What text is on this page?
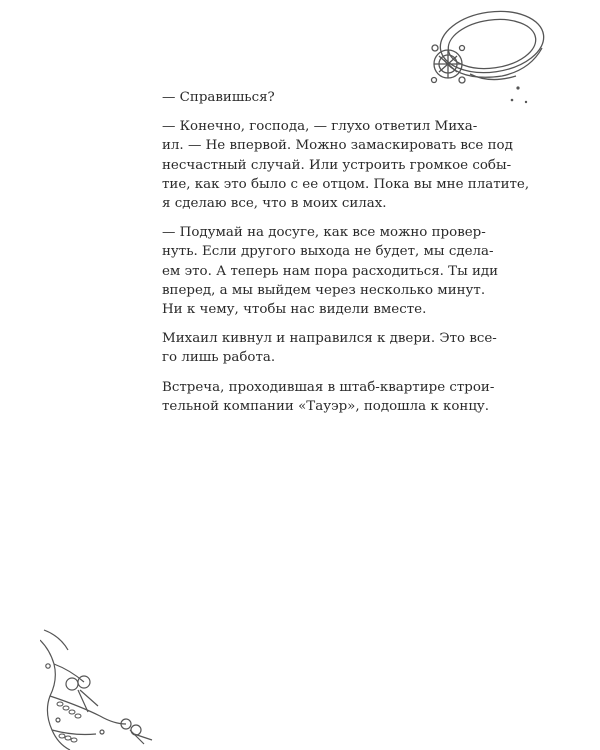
— Справишься?

— Конечно, господа, — глухо ответил Миха-
ил. — Не впервой. Можно замаскировать все под
несчастный случай. Или устроить громкое собы-
тие, как это было с ее отцом. Пока вы мне платите,
я сделаю все, что в моих силах.

— Подумай на досуге, как все можно провер-
нуть. Если другого выхода не будет, мы сдела-
ем это. А теперь нам пора расходиться. Ты иди
вперед, а мы выйдем через несколько минут.
Ни к чему, чтобы нас видели вместе.

Михаил кивнул и направился к двери. Это все-
го лишь работа.

Встреча, проходившая в штаб-квартире строи-
тельной компании «Тауэр», подошла к концу.
